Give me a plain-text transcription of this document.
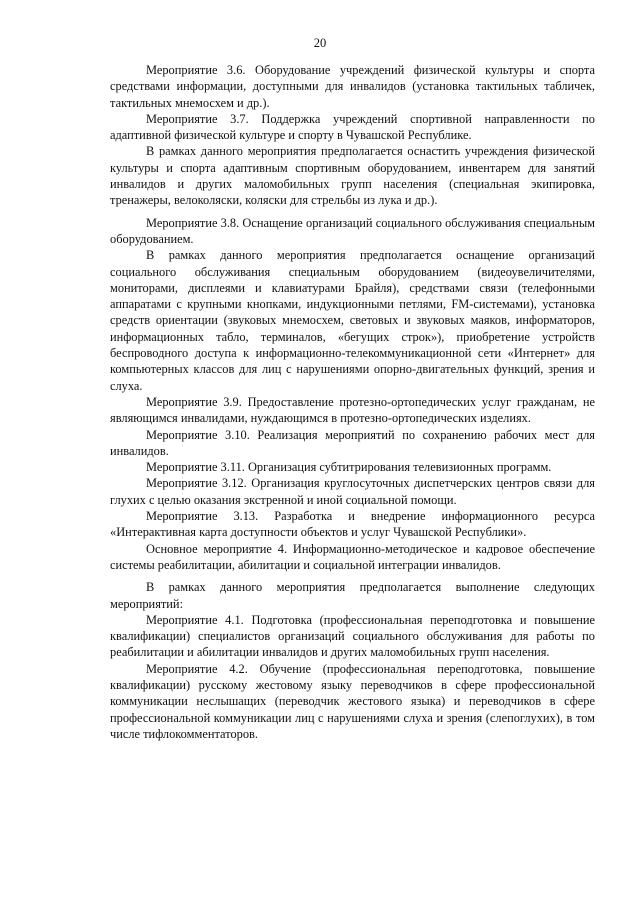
20

Мероприятие 3.6. Оборудование учреждений физической культуры и спорта средствами информации, доступными для инвалидов (установка тактильных табличек, тактильных мнемосхем и др.).

Мероприятие 3.7. Поддержка учреждений спортивной направленности по адаптивной физической культуре и спорту в Чувашской Республике.

В рамках данного мероприятия предполагается оснастить учреждения физической культуры и спорта адаптивным спортивным оборудованием, инвентарем для занятий инвалидов и других маломобильных групп населения (специальная экипировка, тренажеры, велоколяски, коляски для стрельбы из лука и др.).

Мероприятие 3.8. Оснащение организаций социального обслуживания специальным оборудованием.

В рамках данного мероприятия предполагается оснащение организаций социального обслуживания специальным оборудованием (видеоувеличителями, мониторами, дисплеями и клавиатурами Брайля), средствами связи (телефонными аппаратами с крупными кнопками, индукционными петлями, FM-системами), установка средств ориентации (звуковых мнемосхем, световых и звуковых маяков, информаторов, информационных табло, терминалов, «бегущих строк»), приобретение устройств беспроводного доступа к информационно-телекоммуникационной сети «Интернет» для компьютерных классов для лиц с нарушениями опорно-двигательных функций, зрения и слуха.

Мероприятие 3.9. Предоставление протезно-ортопедических услуг гражданам, не являющимся инвалидами, нуждающимся в протезно-ортопедических изделиях.

Мероприятие 3.10. Реализация мероприятий по сохранению рабочих мест для инвалидов.

Мероприятие 3.11. Организация субтитрирования телевизионных программ.

Мероприятие 3.12. Организация круглосуточных диспетчерских центров связи для глухих с целью оказания экстренной и иной социальной помощи.

Мероприятие 3.13. Разработка и внедрение информационного ресурса «Интерактивная карта доступности объектов и услуг Чувашской Республики».

Основное мероприятие 4. Информационно-методическое и кадровое обеспечение системы реабилитации, абилитации и социальной интеграции инвалидов.

В рамках данного мероприятия предполагается выполнение следующих мероприятий:

Мероприятие 4.1. Подготовка (профессиональная переподготовка и повышение квалификации) специалистов организаций социального обслуживания для работы по реабилитации и абилитации инвалидов и других маломобильных групп населения.

Мероприятие 4.2. Обучение (профессиональная переподготовка, повышение квалификации) русскому жестовому языку переводчиков в сфере профессиональной коммуникации неслышащих (переводчик жестового языка) и переводчиков в сфере профессиональной коммуникации лиц с нарушениями слуха и зрения (слепоглухих), в том числе тифлокомментаторов.
